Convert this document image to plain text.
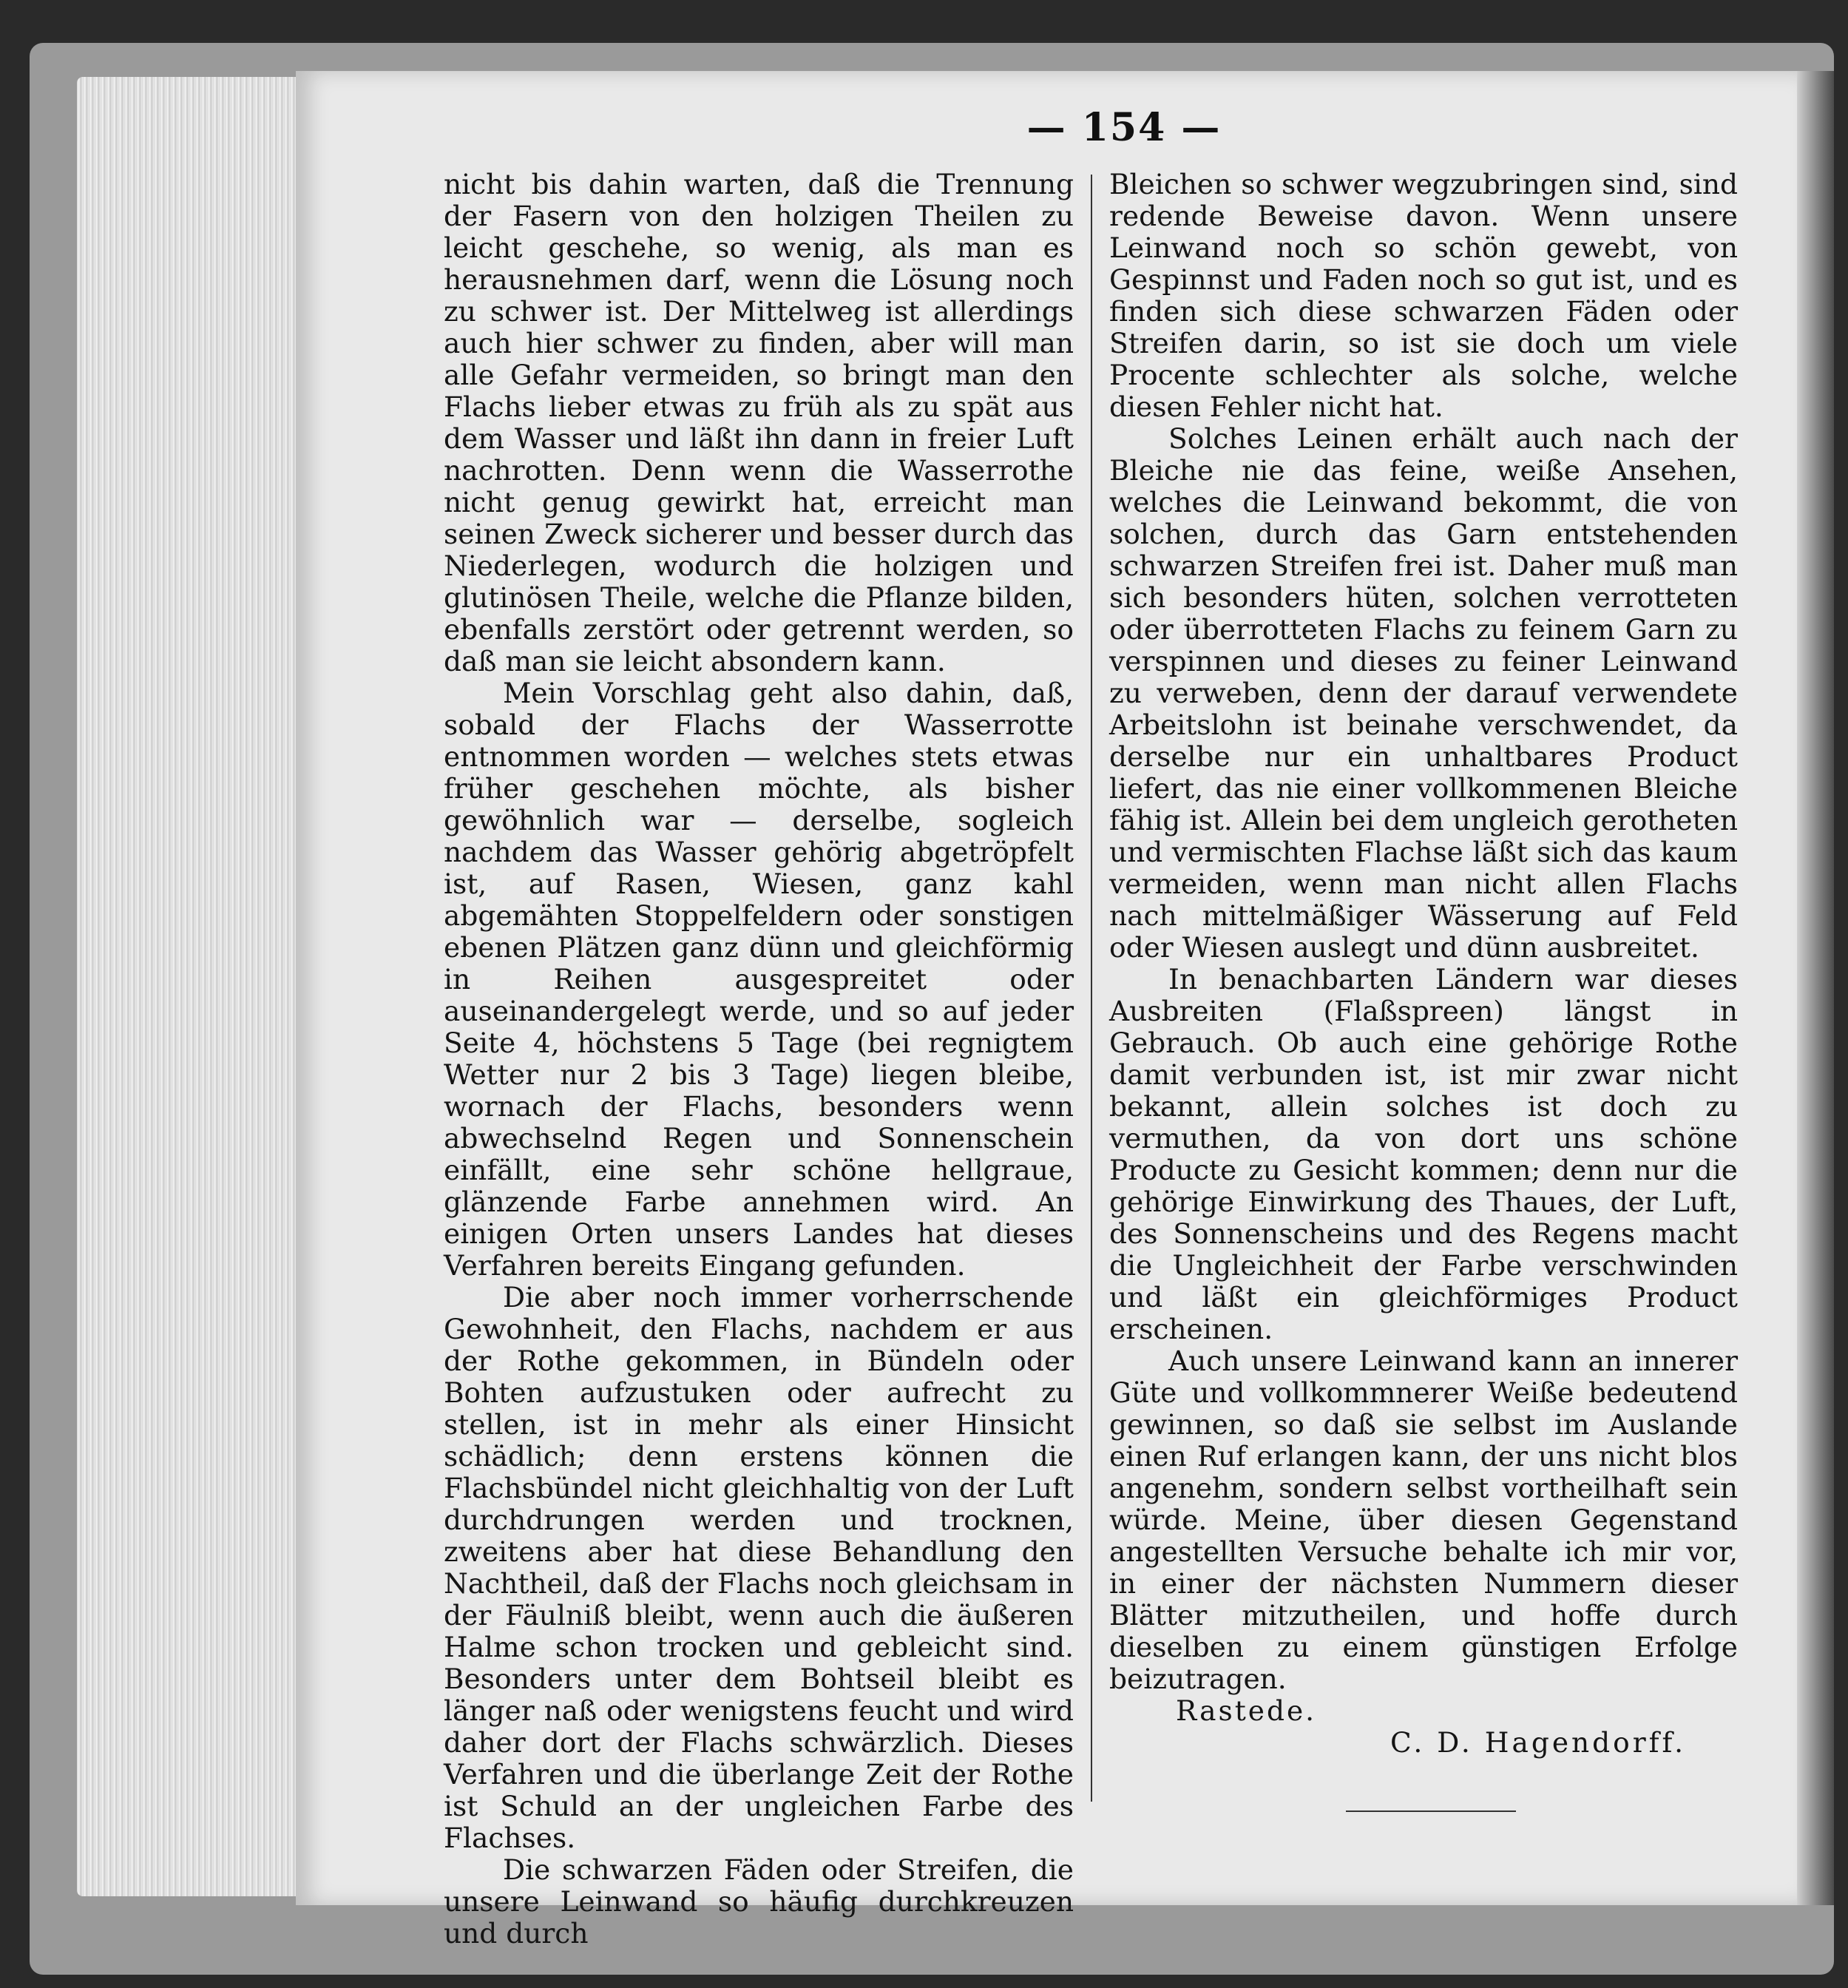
— 154 —

nicht bis dahin warten, daß die Trennung der Fasern von den holzigen Theilen zu leicht geschehe, so wenig, als man es herausnehmen darf, wenn die Lösung noch zu schwer ist. Der Mittelweg ist allerdings auch hier schwer zu finden, aber will man alle Gefahr vermeiden, so bringt man den Flachs lieber etwas zu früh als zu spät aus dem Wasser und läßt ihn dann in freier Luft nachrotten. Denn wenn die Wasserrothe nicht genug gewirkt hat, erreicht man seinen Zweck sicherer und besser durch das Niederlegen, wodurch die holzigen und glutinösen Theile, welche die Pflanze bilden, ebenfalls zerstört oder getrennt werden, so daß man sie leicht absondern kann.

Mein Vorschlag geht also dahin, daß, sobald der Flachs der Wasserrotte entnommen worden — welches stets etwas früher geschehen möchte, als bisher gewöhnlich war — derselbe, sogleich nachdem das Wasser gehörig abgetröpfelt ist, auf Rasen, Wiesen, ganz kahl abgemähten Stoppelfeldern oder sonstigen ebenen Plätzen ganz dünn und gleichförmig in Reihen ausgespreitet oder auseinandergelegt werde, und so auf jeder Seite 4, höchstens 5 Tage (bei regnigtem Wetter nur 2 bis 3 Tage) liegen bleibe, wornach der Flachs, besonders wenn abwechselnd Regen und Sonnenschein einfällt, eine sehr schöne hellgraue, glänzende Farbe annehmen wird. An einigen Orten unsers Landes hat dieses Verfahren bereits Eingang gefunden.

Die aber noch immer vorherrschende Gewohnheit, den Flachs, nachdem er aus der Rothe gekommen, in Bündeln oder Bohten aufzustuken oder aufrecht zu stellen, ist in mehr als einer Hinsicht schädlich; denn erstens können die Flachsbündel nicht gleichhaltig von der Luft durchdrungen werden und trocknen, zweitens aber hat diese Behandlung den Nachtheil, daß der Flachs noch gleichsam in der Fäulniß bleibt, wenn auch die äußeren Halme schon trocken und gebleicht sind. Besonders unter dem Bohtseil bleibt es länger naß oder wenigstens feucht und wird daher dort der Flachs schwärzlich. Dieses Verfahren und die überlange Zeit der Rothe ist Schuld an der ungleichen Farbe des Flachses.

Die schwarzen Fäden oder Streifen, die unsere Leinwand so häufig durchkreuzen und durch

Bleichen so schwer wegzubringen sind, sind redende Beweise davon. Wenn unsere Leinwand noch so schön gewebt, von Gespinnst und Faden noch so gut ist, und es finden sich diese schwarzen Fäden oder Streifen darin, so ist sie doch um viele Procente schlechter als solche, welche diesen Fehler nicht hat.

Solches Leinen erhält auch nach der Bleiche nie das feine, weiße Ansehen, welches die Leinwand bekommt, die von solchen, durch das Garn entstehenden schwarzen Streifen frei ist. Daher muß man sich besonders hüten, solchen verrotteten oder überrotteten Flachs zu feinem Garn zu verspinnen und dieses zu feiner Leinwand zu verweben, denn der darauf verwendete Arbeitslohn ist beinahe verschwendet, da derselbe nur ein unhaltbares Product liefert, das nie einer vollkommenen Bleiche fähig ist. Allein bei dem ungleich gerotheten und vermischten Flachse läßt sich das kaum vermeiden, wenn man nicht allen Flachs nach mittelmäßiger Wässerung auf Feld oder Wiesen auslegt und dünn ausbreitet.

In benachbarten Ländern war dieses Ausbreiten (Flaßspreen) längst in Gebrauch. Ob auch eine gehörige Rothe damit verbunden ist, ist mir zwar nicht bekannt, allein solches ist doch zu vermuthen, da von dort uns schöne Producte zu Gesicht kommen; denn nur die gehörige Einwirkung des Thaues, der Luft, des Sonnenscheins und des Regens macht die Ungleichheit der Farbe verschwinden und läßt ein gleichförmiges Product erscheinen.

Auch unsere Leinwand kann an innerer Güte und vollkommnerer Weiße bedeutend gewinnen, so daß sie selbst im Auslande einen Ruf erlangen kann, der uns nicht blos angenehm, sondern selbst vortheilhaft sein würde. Meine, über diesen Gegenstand angestellten Versuche behalte ich mir vor, in einer der nächsten Nummern dieser Blätter mitzutheilen, und hoffe durch dieselben zu einem günstigen Erfolge beizutragen.

Rastede.

C. D. Hagendorff.
